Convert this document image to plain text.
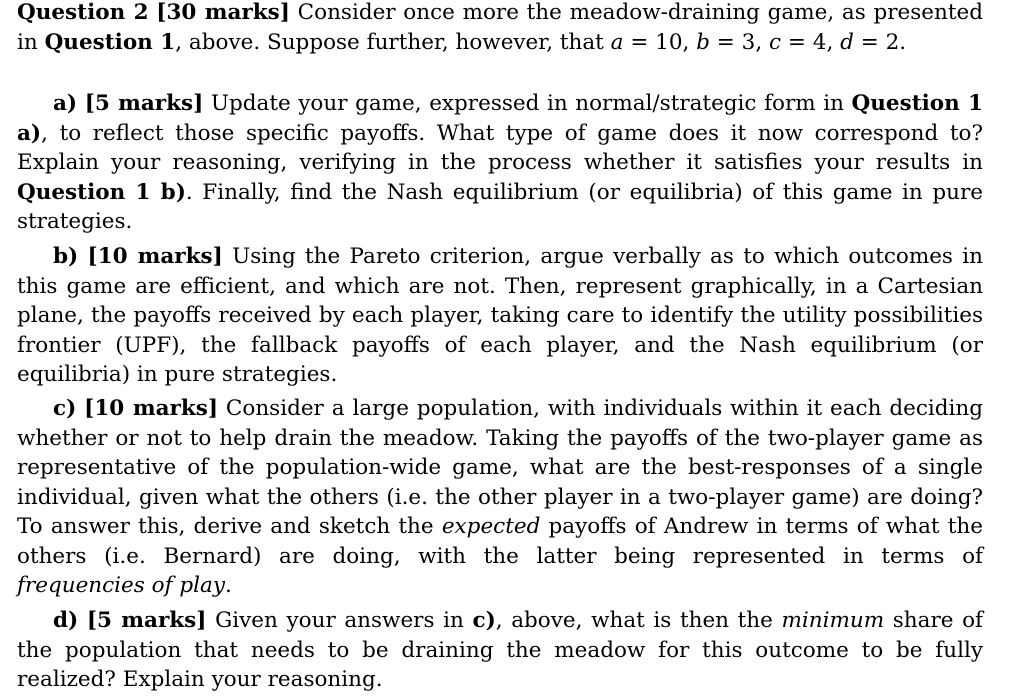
Question 2 [30 marks] Consider once more the meadow-draining game, as presented in Question 1, above. Suppose further, however, that a = 10, b = 3, c = 4, d = 2.

a) [5 marks] Update your game, expressed in normal/strategic form in Question 1 a), to reflect those specific payoffs. What type of game does it now correspond to? Explain your reasoning, verifying in the process whether it satisfies your results in Question 1 b). Finally, find the Nash equilibrium (or equilibria) of this game in pure strategies.

b) [10 marks] Using the Pareto criterion, argue verbally as to which outcomes in this game are efficient, and which are not. Then, represent graphically, in a Cartesian plane, the payoffs received by each player, taking care to identify the utility possibilities frontier (UPF), the fallback payoffs of each player, and the Nash equilibrium (or equilibria) in pure strategies.

c) [10 marks] Consider a large population, with individuals within it each deciding whether or not to help drain the meadow. Taking the payoffs of the two-player game as representative of the population-wide game, what are the best-responses of a single individual, given what the others (i.e. the other player in a two-player game) are doing? To answer this, derive and sketch the expected payoffs of Andrew in terms of what the others (i.e. Bernard) are doing, with the latter being represented in terms of frequencies of play.

d) [5 marks] Given your answers in c), above, what is then the minimum share of the population that needs to be draining the meadow for this outcome to be fully realized? Explain your reasoning.
